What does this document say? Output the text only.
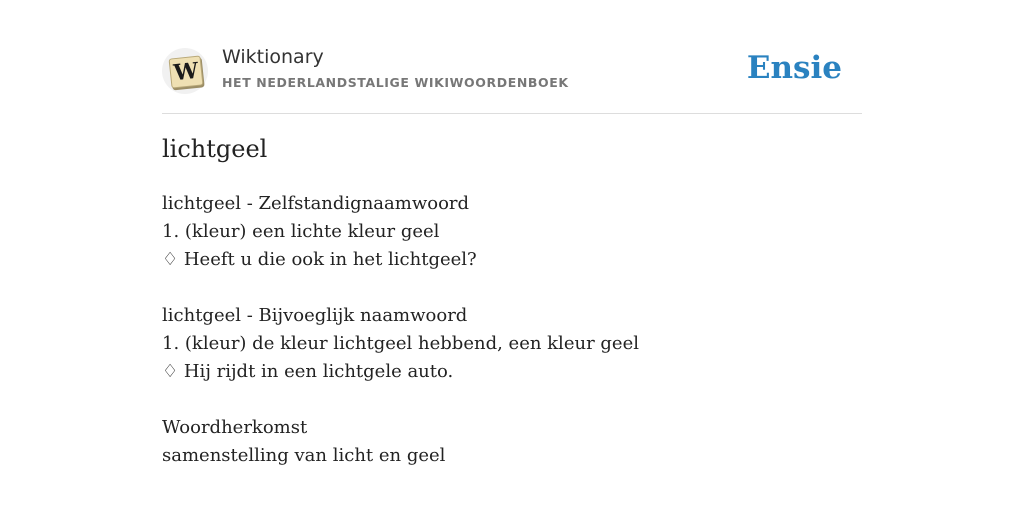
W
Wiktionary
HET NEDERLANDSTALIGE WIKIWOORDENBOEK	Ensie
lichtgeel
lichtgeel - Zelfstandignaamwoord
1. (kleur) een lichte kleur geel
♢ Heeft u die ook in het lichtgeel?
lichtgeel - Bijvoeglijk naamwoord
1. (kleur) de kleur lichtgeel hebbend, een kleur geel
♢ Hij rijdt in een lichtgele auto.
Woordherkomst
samenstelling van licht en geel
